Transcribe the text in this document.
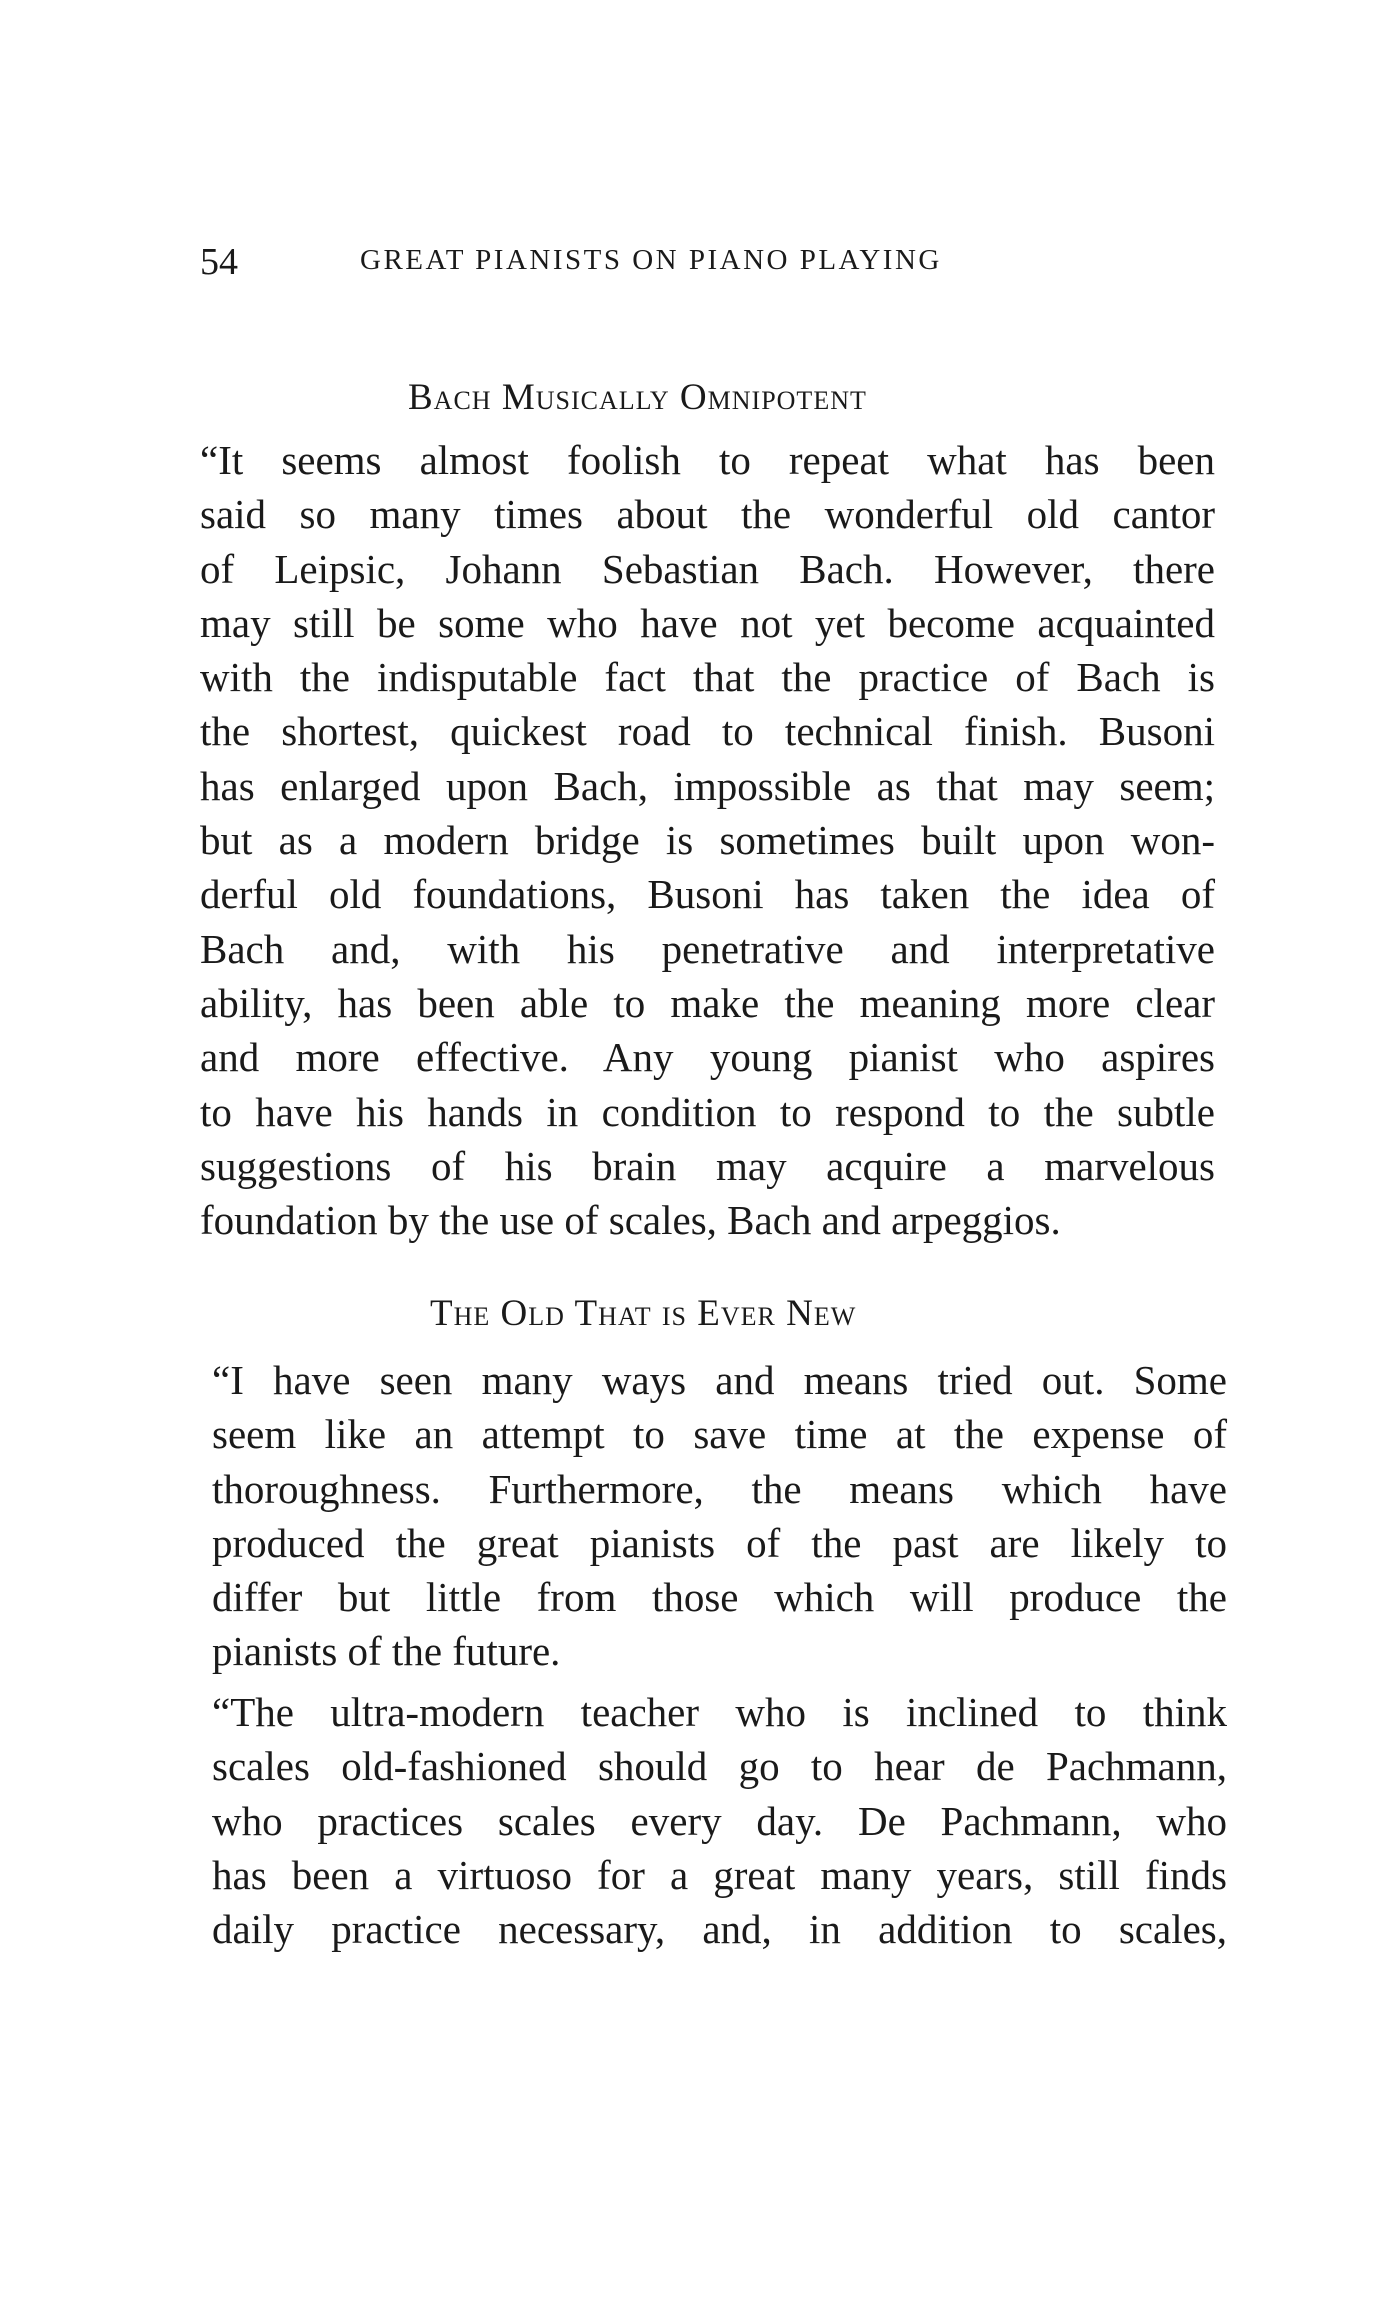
54	GREAT PIANISTS ON PIANO PLAYING
Bach Musically Omnipotent
“It seems almost foolish to repeat what has been
said so many times about the wonderful old cantor
of Leipsic, Johann Sebastian Bach. However, there
may still be some who have not yet become acquainted
with the indisputable fact that the practice of Bach is
the shortest, quickest road to technical finish. Busoni
has enlarged upon Bach, impossible as that may seem;
but as a modern bridge is sometimes built upon won-
derful old foundations, Busoni has taken the idea of
Bach and, with his penetrative and interpretative
ability, has been able to make the meaning more clear
and more effective. Any young pianist who aspires
to have his hands in condition to respond to the subtle
suggestions of his brain may acquire a marvelous
foundation by the use of scales, Bach and arpeggios.
The Old That is Ever New
“I have seen many ways and means tried out. Some
seem like an attempt to save time at the expense of
thoroughness. Furthermore, the means which have
produced the great pianists of the past are likely to
differ but little from those which will produce the
pianists of the future.
“The ultra-modern teacher who is inclined to think
scales old-fashioned should go to hear de Pachmann,
who practices scales every day. De Pachmann, who
has been a virtuoso for a great many years, still finds
daily practice necessary, and, in addition to scales,
